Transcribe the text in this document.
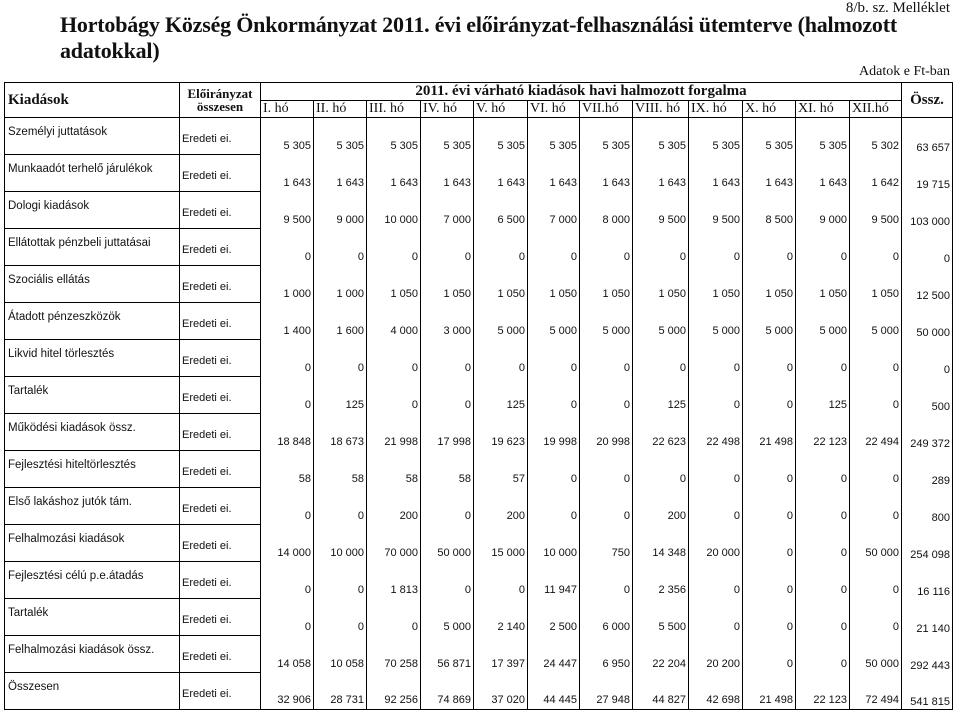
8/b. sz. Melléklet
Hortobágy Község Önkormányzat 2011. évi előirányzat-felhasználási ütemterve (halmozott adatokkal)
Adatok e Ft-ban
Kiadások	Előirányzat
összesen	2011. évi várható kiadások havi halmozott forgalma												Össz.
		I. hó	II. hó	III. hó	IV. hó	V. hó	VI. hó	VII.hó	VIII. hó	IX. hó	X. hó	XI. hó	XII.hó	
Személyi juttatások	Eredeti ei.	5 305	5 305	5 305	5 305	5 305	5 305	5 305	5 305	5 305	5 305	5 305	5 302	63 657
Munkaadót terhelő járulékok	Eredeti ei.	1 643	1 643	1 643	1 643	1 643	1 643	1 643	1 643	1 643	1 643	1 643	1 642	19 715
Dologi kiadások	Eredeti ei.	9 500	9 000	10 000	7 000	6 500	7 000	8 000	9 500	9 500	8 500	9 000	9 500	103 000
Ellátottak pénzbeli juttatásai	Eredeti ei.	0	0	0	0	0	0	0	0	0	0	0	0	0
Szociális ellátás	Eredeti ei.	1 000	1 000	1 050	1 050	1 050	1 050	1 050	1 050	1 050	1 050	1 050	1 050	12 500
Átadott pénzeszközök	Eredeti ei.	1 400	1 600	4 000	3 000	5 000	5 000	5 000	5 000	5 000	5 000	5 000	5 000	50 000
Likvid hitel törlesztés	Eredeti ei.	0	0	0	0	0	0	0	0	0	0	0	0	0
Tartalék	Eredeti ei.	0	125	0	0	125	0	0	125	0	0	125	0	500
Működési kiadások össz.	Eredeti ei.	18 848	18 673	21 998	17 998	19 623	19 998	20 998	22 623	22 498	21 498	22 123	22 494	249 372
Fejlesztési hiteltörlesztés	Eredeti ei.	58	58	58	58	57	0	0	0	0	0	0	0	289
Első lakáshoz jutók tám.	Eredeti ei.	0	0	200	0	200	0	0	200	0	0	0	0	800
Felhalmozási kiadások	Eredeti ei.	14 000	10 000	70 000	50 000	15 000	10 000	750	14 348	20 000	0	0	50 000	254 098
Fejlesztési célú p.e.átadás	Eredeti ei.	0	0	1 813	0	0	11 947	0	2 356	0	0	0	0	16 116
Tartalék	Eredeti ei.	0	0	0	5 000	2 140	2 500	6 000	5 500	0	0	0	0	21 140
Felhalmozási kiadások össz.	Eredeti ei.	14 058	10 058	70 258	56 871	17 397	24 447	6 950	22 204	20 200	0	0	50 000	292 443
Összesen	Eredeti ei.	32 906	28 731	92 256	74 869	37 020	44 445	27 948	44 827	42 698	21 498	22 123	72 494	541 815
